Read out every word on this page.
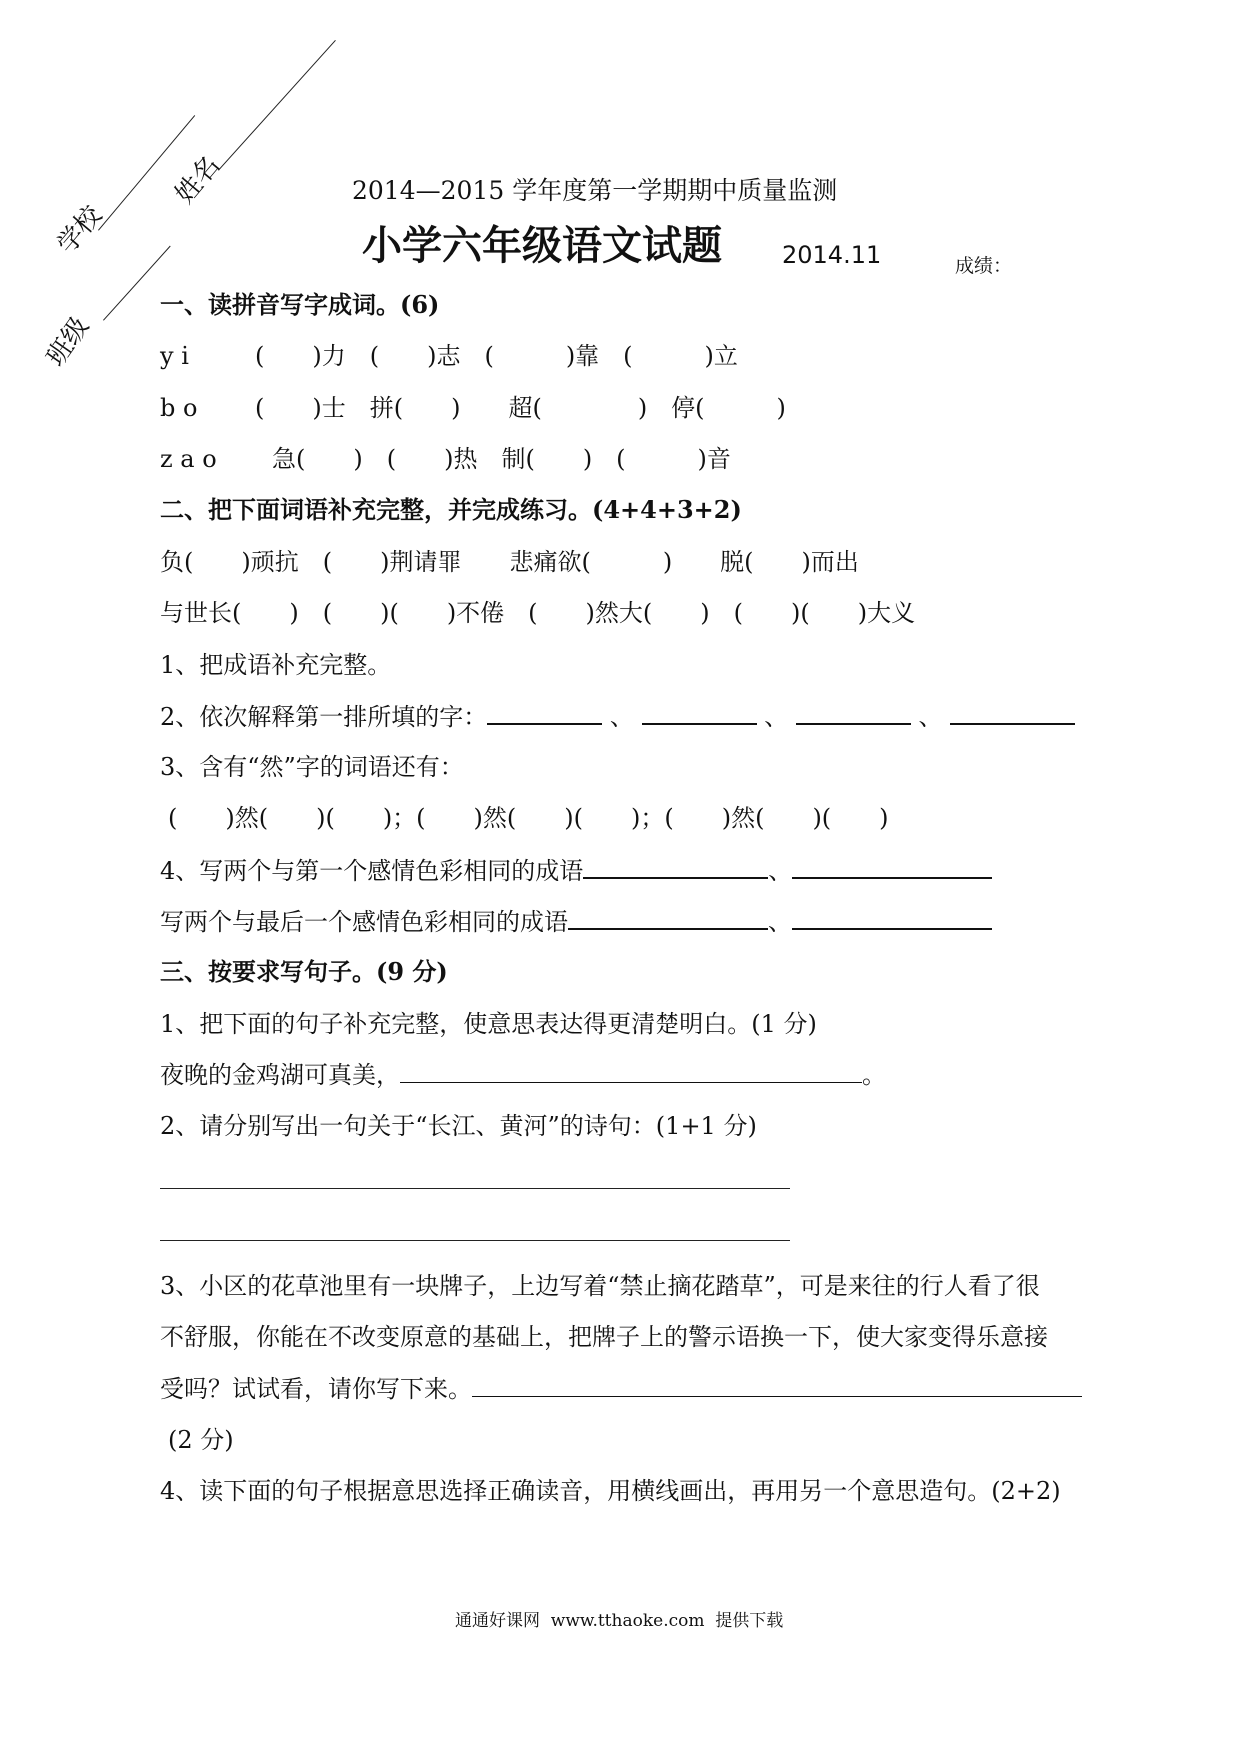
学校
姓名
班级
2014—2015 学年度第一学期期中质量监测
小学六年级语文试题	2014.11	成绩：
一、读拼音写字成词。(6)
y i	(　　)力　(　　)志　(　　　)靠　(　　　)立
b o (　　)士　拼(　　)　　超(　　　　)　停(　　　)
z a o 急(　　)　(　　)热　制(　　)　(　　　)音
二、把下面词语补充完整，并完成练习。(4+4+3+2)
负(　　)顽抗　(　　)荆请罪　　悲痛欲(　　　)　　脱(　　)而出
与世长(　　)　(　　)(　　)不倦　(　　)然大(　　)　(　　)(　　)大义
1、把成语补充完整。
2、依次解释第一排所填的字：	、	、	、
3、含有“然”字的词语还有：
(　　)然(　　)(　　)；(　　)然(　　)(　　)；(　　)然(　　)(　　)
4、写两个与第一个感情色彩相同的成语	、
写两个与最后一个感情色彩相同的成语	、
三、按要求写句子。(9 分)
1、把下面的句子补充完整，使意思表达得更清楚明白。(1 分)
夜晚的金鸡湖可真美，	。
2、请分别写出一句关于“长江、黄河”的诗句：(1+1 分)
3、小区的花草池里有一块牌子，上边写着“禁止摘花踏草”，可是来往的行人看了很
不舒服，你能在不改变原意的基础上，把牌子上的警示语换一下，使大家变得乐意接
受吗？试试看，请你写下来。
(2 分)
4、读下面的句子根据意思选择正确读音，用横线画出，再用另一个意思造句。(2+2)
通通好课网  www.tthaoke.com  提供下载
